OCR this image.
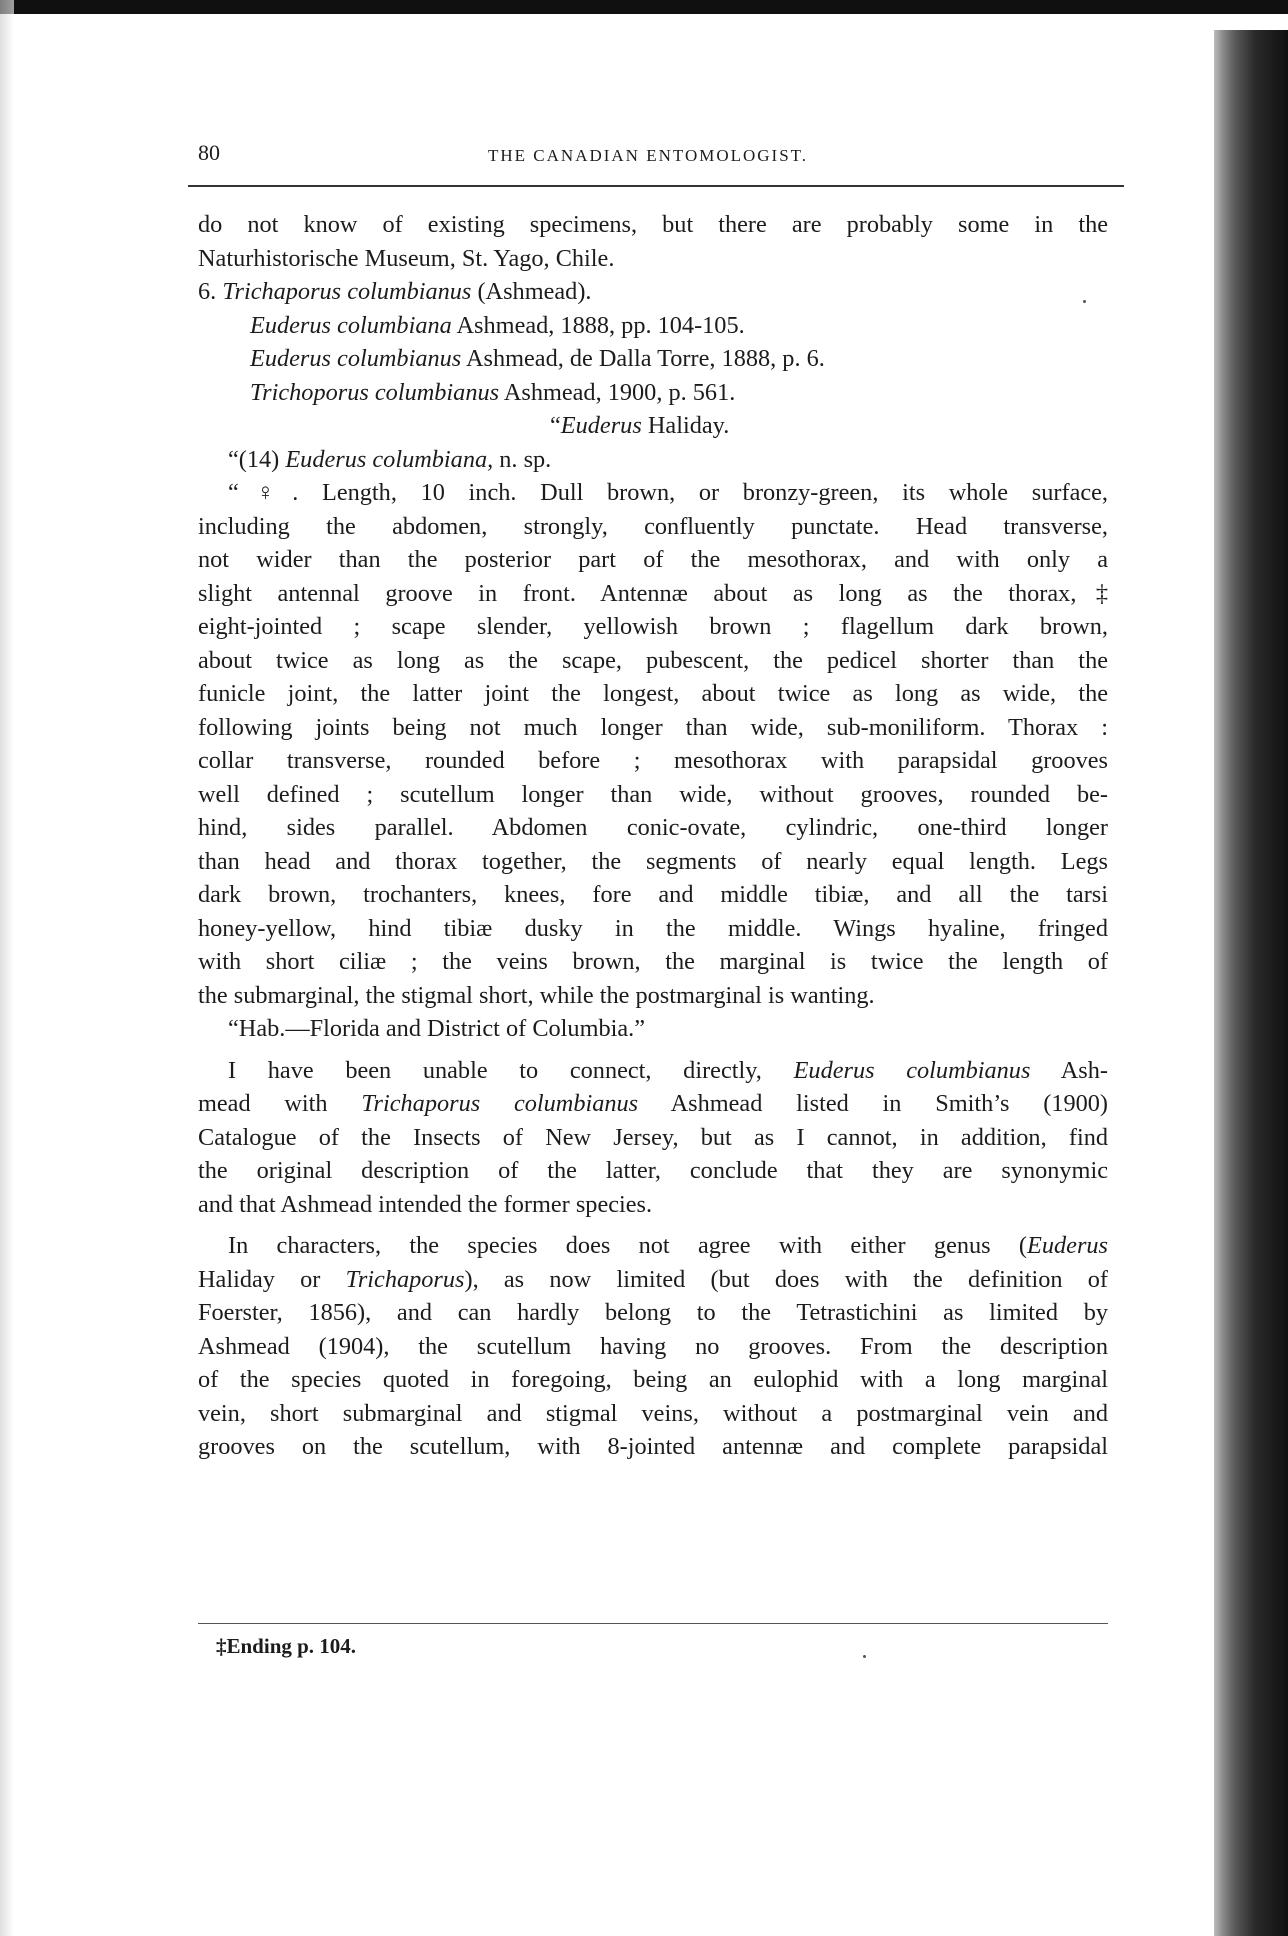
80	THE CANADIAN ENTOMOLOGIST.

do not know of existing specimens, but there are probably some in the

Naturhistorische Museum, St. Yago, Chile.

6. Trichaporus columbianus (Ashmead).

Euderus columbiana Ashmead, 1888, pp. 104-105.

Euderus columbianus Ashmead, de Dalla Torre, 1888, p. 6.

Trichoporus columbianus Ashmead, 1900, p. 561.

“Euderus Haliday.

“(14) Euderus columbiana, n. sp.

“♀. Length, 10 inch. Dull brown, or bronzy-green, its whole surface,

including the abdomen, strongly, confluently punctate. Head transverse,

not wider than the posterior part of the mesothorax, and with only a

slight antennal groove in front. Antennæ about as long as the thorax,‡

eight-jointed ; scape slender, yellowish brown ; flagellum dark brown,

about twice as long as the scape, pubescent, the pedicel shorter than the

funicle joint, the latter joint the longest, about twice as long as wide, the

following joints being not much longer than wide, sub-moniliform. Thorax :

collar transverse, rounded before ; mesothorax with parapsidal grooves

well defined ; scutellum longer than wide, without grooves, rounded be-

hind, sides parallel. Abdomen conic-ovate, cylindric, one-third longer

than head and thorax together, the segments of nearly equal length. Legs

dark brown, trochanters, knees, fore and middle tibiæ, and all the tarsi

honey-yellow, hind tibiæ dusky in the middle. Wings hyaline, fringed

with short ciliæ ; the veins brown, the marginal is twice the length of

the submarginal, the stigmal short, while the postmarginal is wanting.

“Hab.—Florida and District of Columbia.”

I have been unable to connect, directly, Euderus columbianus Ash-

mead with Trichaporus columbianus Ashmead listed in Smith’s (1900)

Catalogue of the Insects of New Jersey, but as I cannot, in addition, find

the original description of the latter, conclude that they are synonymic

and that Ashmead intended the former species.

In characters, the species does not agree with either genus (Euderus

Haliday or Trichaporus), as now limited (but does with the definition of

Foerster, 1856), and can hardly belong to the Tetrastichini as limited by

Ashmead (1904), the scutellum having no grooves. From the description

of the species quoted in foregoing, being an eulophid with a long marginal

vein, short submarginal and stigmal veins, without a postmarginal vein and

grooves on the scutellum, with 8-jointed antennæ and complete parapsidal

‡Ending p. 104.
